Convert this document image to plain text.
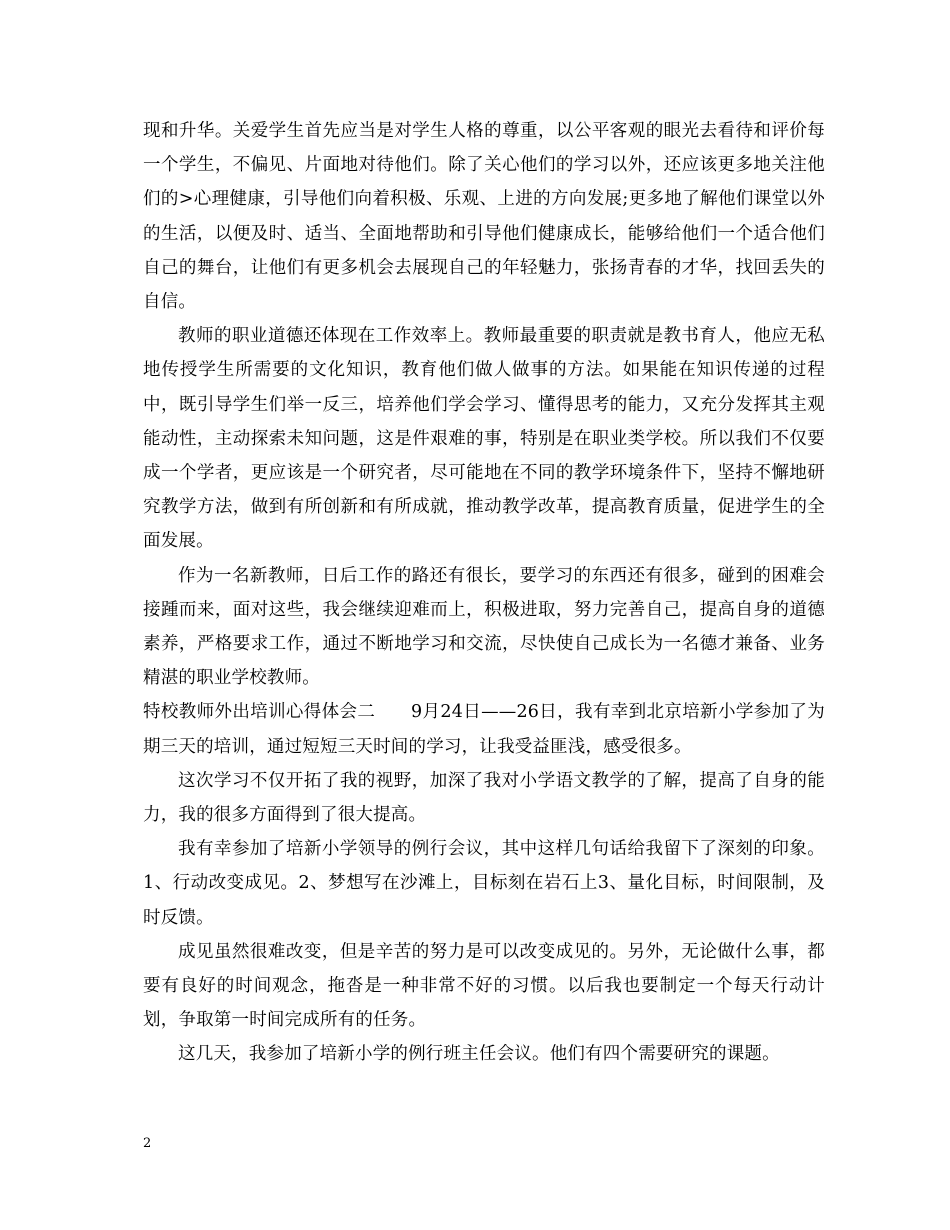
现和升华。关爱学生首先应当是对学生人格的尊重，以公平客观的眼光去看待和评价每一个学生，不偏见、片面地对待他们。除了关心他们的学习以外，还应该更多地关注他们的>心理健康，引导他们向着积极、乐观、上进的方向发展;更多地了解他们课堂以外的生活，以便及时、适当、全面地帮助和引导他们健康成长，能够给他们一个适合他们自己的舞台，让他们有更多机会去展现自己的年轻魅力，张扬青春的才华，找回丢失的自信。

教师的职业道德还体现在工作效率上。教师最重要的职责就是教书育人，他应无私地传授学生所需要的文化知识，教育他们做人做事的方法。如果能在知识传递的过程中，既引导学生们举一反三，培养他们学会学习、懂得思考的能力，又充分发挥其主观能动性，主动探索未知问题，这是件艰难的事，特别是在职业类学校。所以我们不仅要成一个学者，更应该是一个研究者，尽可能地在不同的教学环境条件下，坚持不懈地研究教学方法，做到有所创新和有所成就，推动教学改革，提高教育质量，促进学生的全面发展。

作为一名新教师，日后工作的路还有很长，要学习的东西还有很多，碰到的困难会接踵而来，面对这些，我会继续迎难而上，积极进取，努力完善自己，提高自身的道德素养，严格要求工作，通过不断地学习和交流，尽快使自己成长为一名德才兼备、业务精湛的职业学校教师。

特校教师外出培训心得体会二　　9月24日——26日，我有幸到北京培新小学参加了为期三天的培训，通过短短三天时间的学习，让我受益匪浅，感受很多。

这次学习不仅开拓了我的视野，加深了我对小学语文教学的了解，提高了自身的能力，我的很多方面得到了很大提高。

我有幸参加了培新小学领导的例行会议，其中这样几句话给我留下了深刻的印象。1、行动改变成见。2、梦想写在沙滩上，目标刻在岩石上3、量化目标，时间限制，及时反馈。

成见虽然很难改变，但是辛苦的努力是可以改变成见的。另外，无论做什么事，都要有良好的时间观念，拖沓是一种非常不好的习惯。以后我也要制定一个每天行动计划，争取第一时间完成所有的任务。

这几天，我参加了培新小学的例行班主任会议。他们有四个需要研究的课题。

2
